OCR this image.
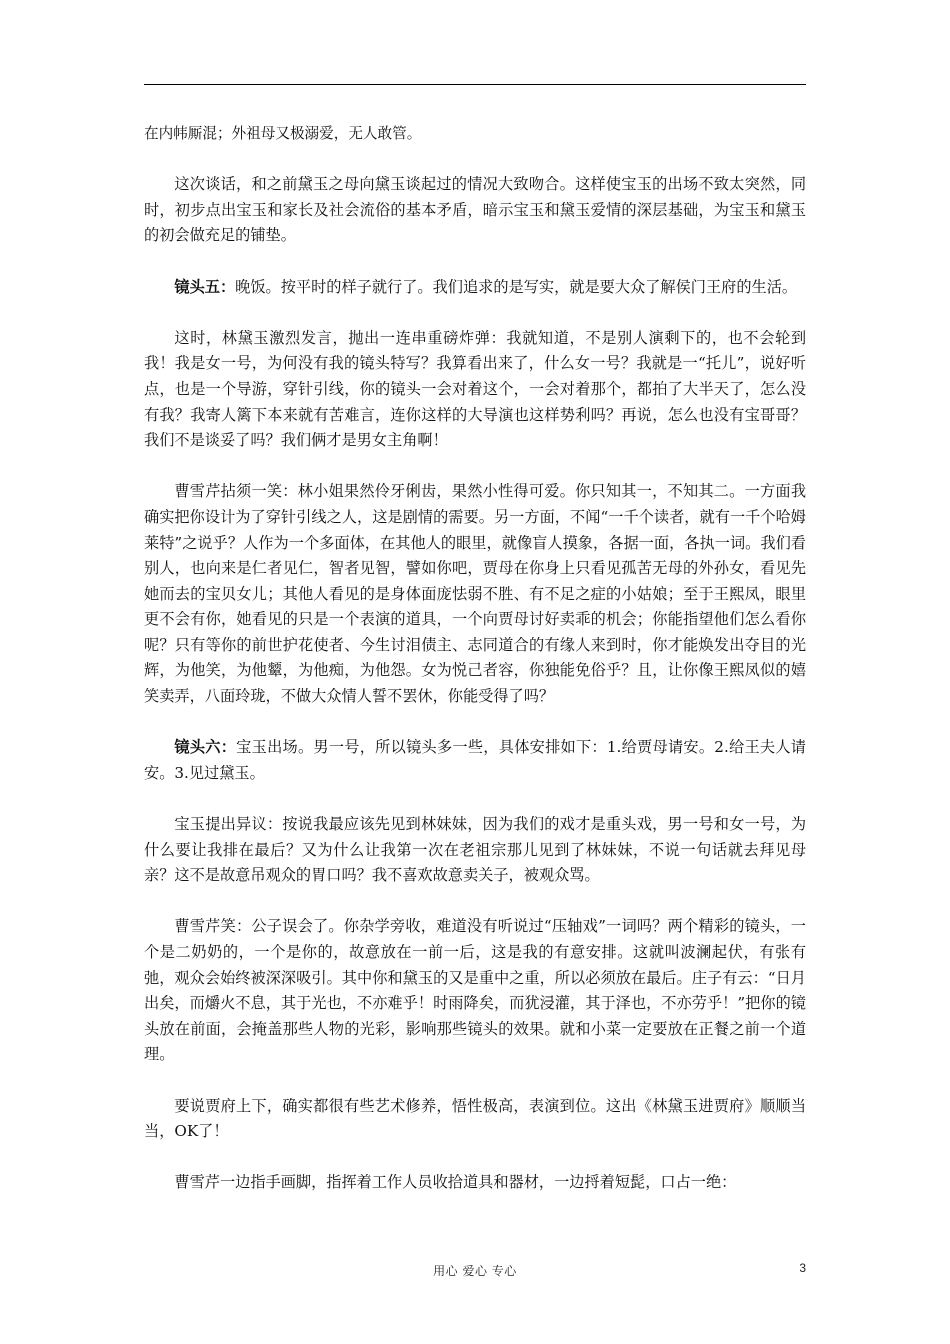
在内帏厮混；外祖母又极溺爱，无人敢管。

这次谈话，和之前黛玉之母向黛玉谈起过的情况大致吻合。这样使宝玉的出场不致太突然，同时，初步点出宝玉和家长及社会流俗的基本矛盾，暗示宝玉和黛玉爱情的深层基础，为宝玉和黛玉的初会做充足的铺垫。

镜头五：晚饭。按平时的样子就行了。我们追求的是写实，就是要大众了解侯门王府的生活。

这时，林黛玉激烈发言，抛出一连串重磅炸弹：我就知道，不是别人演剩下的，也不会轮到我！我是女一号，为何没有我的镜头特写？我算看出来了，什么女一号？我就是一“托儿”，说好听点，也是一个导游，穿针引线，你的镜头一会对着这个，一会对着那个，都拍了大半天了，怎么没有我？我寄人篱下本来就有苦难言，连你这样的大导演也这样势利吗？再说，怎么也没有宝哥哥？我们不是谈妥了吗？我们俩才是男女主角啊！

曹雪芹拈须一笑：林小姐果然伶牙俐齿，果然小性得可爱。你只知其一，不知其二。一方面我确实把你设计为了穿针引线之人，这是剧情的需要。另一方面，不闻“一千个读者，就有一千个哈姆莱特”之说乎？人作为一个多面体，在其他人的眼里，就像盲人摸象，各据一面，各执一词。我们看别人，也向来是仁者见仁，智者见智，譬如你吧，贾母在你身上只看见孤苦无母的外孙女，看见先她而去的宝贝女儿；其他人看见的是身体面庞怯弱不胜、有不足之症的小姑娘；至于王熙凤，眼里更不会有你，她看见的只是一个表演的道具，一个向贾母讨好卖乖的机会；你能指望他们怎么看你呢？只有等你的前世护花使者、今生讨泪债主、志同道合的有缘人来到时，你才能焕发出夺目的光辉，为他笑，为他颦，为他痴，为他怨。女为悦己者容，你独能免俗乎？且，让你像王熙凤似的嬉笑卖弄，八面玲珑，不做大众情人誓不罢休，你能受得了吗？

镜头六：宝玉出场。男一号，所以镜头多一些，具体安排如下：1.给贾母请安。2.给王夫人请安。3.见过黛玉。

宝玉提出异议：按说我最应该先见到林妹妹，因为我们的戏才是重头戏，男一号和女一号，为什么要让我排在最后？又为什么让我第一次在老祖宗那儿见到了林妹妹，不说一句话就去拜见母亲？这不是故意吊观众的胃口吗？我不喜欢故意卖关子，被观众骂。

曹雪芹笑：公子误会了。你杂学旁收，难道没有听说过“压轴戏”一词吗？两个精彩的镜头，一个是二奶奶的，一个是你的，故意放在一前一后，这是我的有意安排。这就叫波澜起伏，有张有弛，观众会始终被深深吸引。其中你和黛玉的又是重中之重，所以必须放在最后。庄子有云：“日月出矣，而爝火不息，其于光也，不亦难乎！时雨降矣，而犹浸灌，其于泽也，不亦劳乎！”把你的镜头放在前面，会掩盖那些人物的光彩，影响那些镜头的效果。就和小菜一定要放在正餐之前一个道理。

要说贾府上下，确实都很有些艺术修养，悟性极高，表演到位。这出《林黛玉进贾府》顺顺当当，OK了！

曹雪芹一边指手画脚，指挥着工作人员收拾道具和器材，一边捋着短髭，口占一绝：

用心 爱心 专心	3
